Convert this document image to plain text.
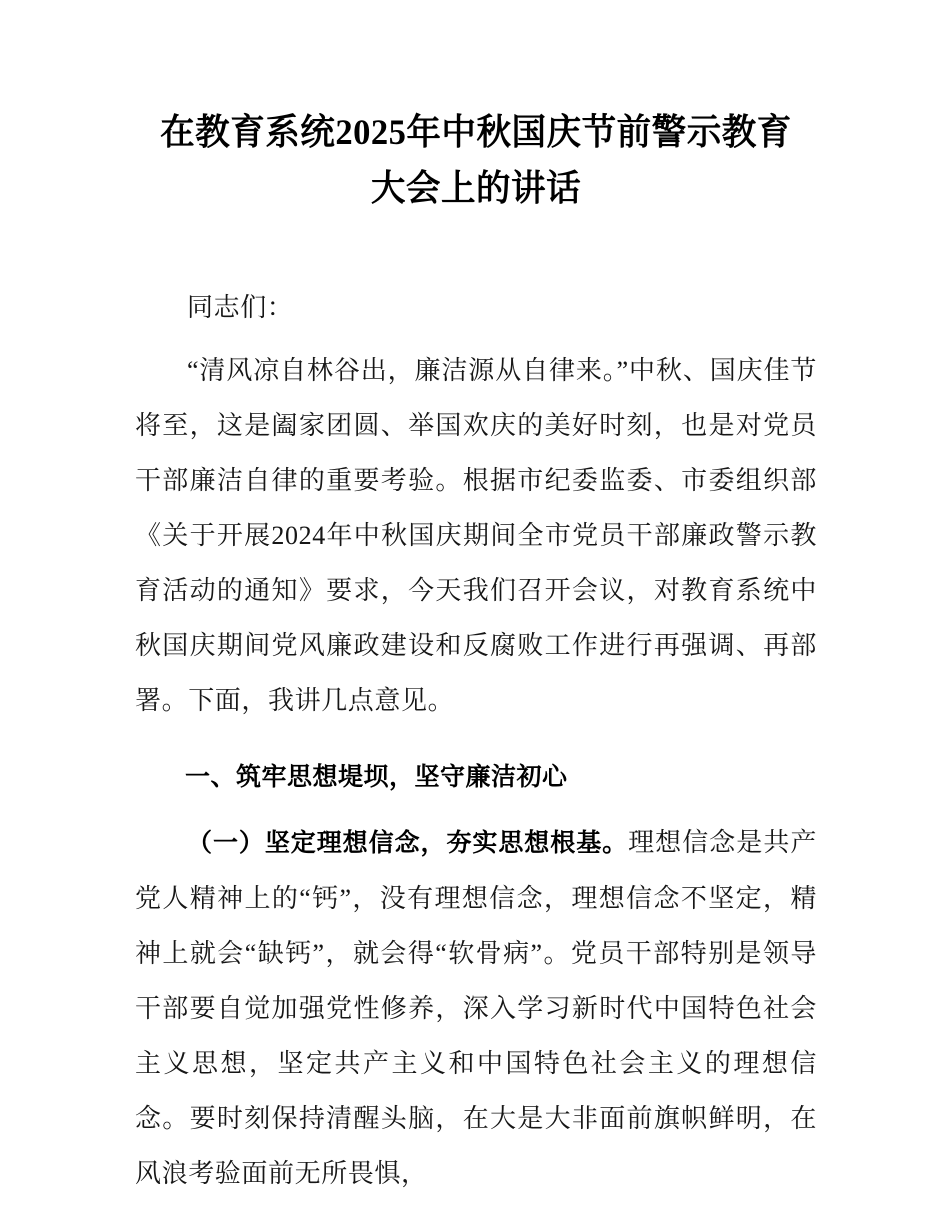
在教育系统2025年中秋国庆节前警示教育大会上的讲话

同志们：

“清风凉自林谷出，廉洁源从自律来。”中秋、国庆佳节将至，这是阖家团圆、举国欢庆的美好时刻，也是对党员干部廉洁自律的重要考验。根据市纪委监委、市委组织部《关于开展2024年中秋国庆期间全市党员干部廉政警示教育活动的通知》要求，今天我们召开会议，对教育系统中秋国庆期间党风廉政建设和反腐败工作进行再强调、再部署。下面，我讲几点意见。

一、筑牢思想堤坝，坚守廉洁初心

（一）坚定理想信念，夯实思想根基。理想信念是共产党人精神上的“钙”，没有理想信念，理想信念不坚定，精神上就会“缺钙”，就会得“软骨病”。党员干部特别是领导干部要自觉加强党性修养，深入学习新时代中国特色社会主义思想，坚定共产主义和中国特色社会主义的理想信念。要时刻保持清醒头脑，在大是大非面前旗帜鲜明，在风浪考验面前无所畏惧，
